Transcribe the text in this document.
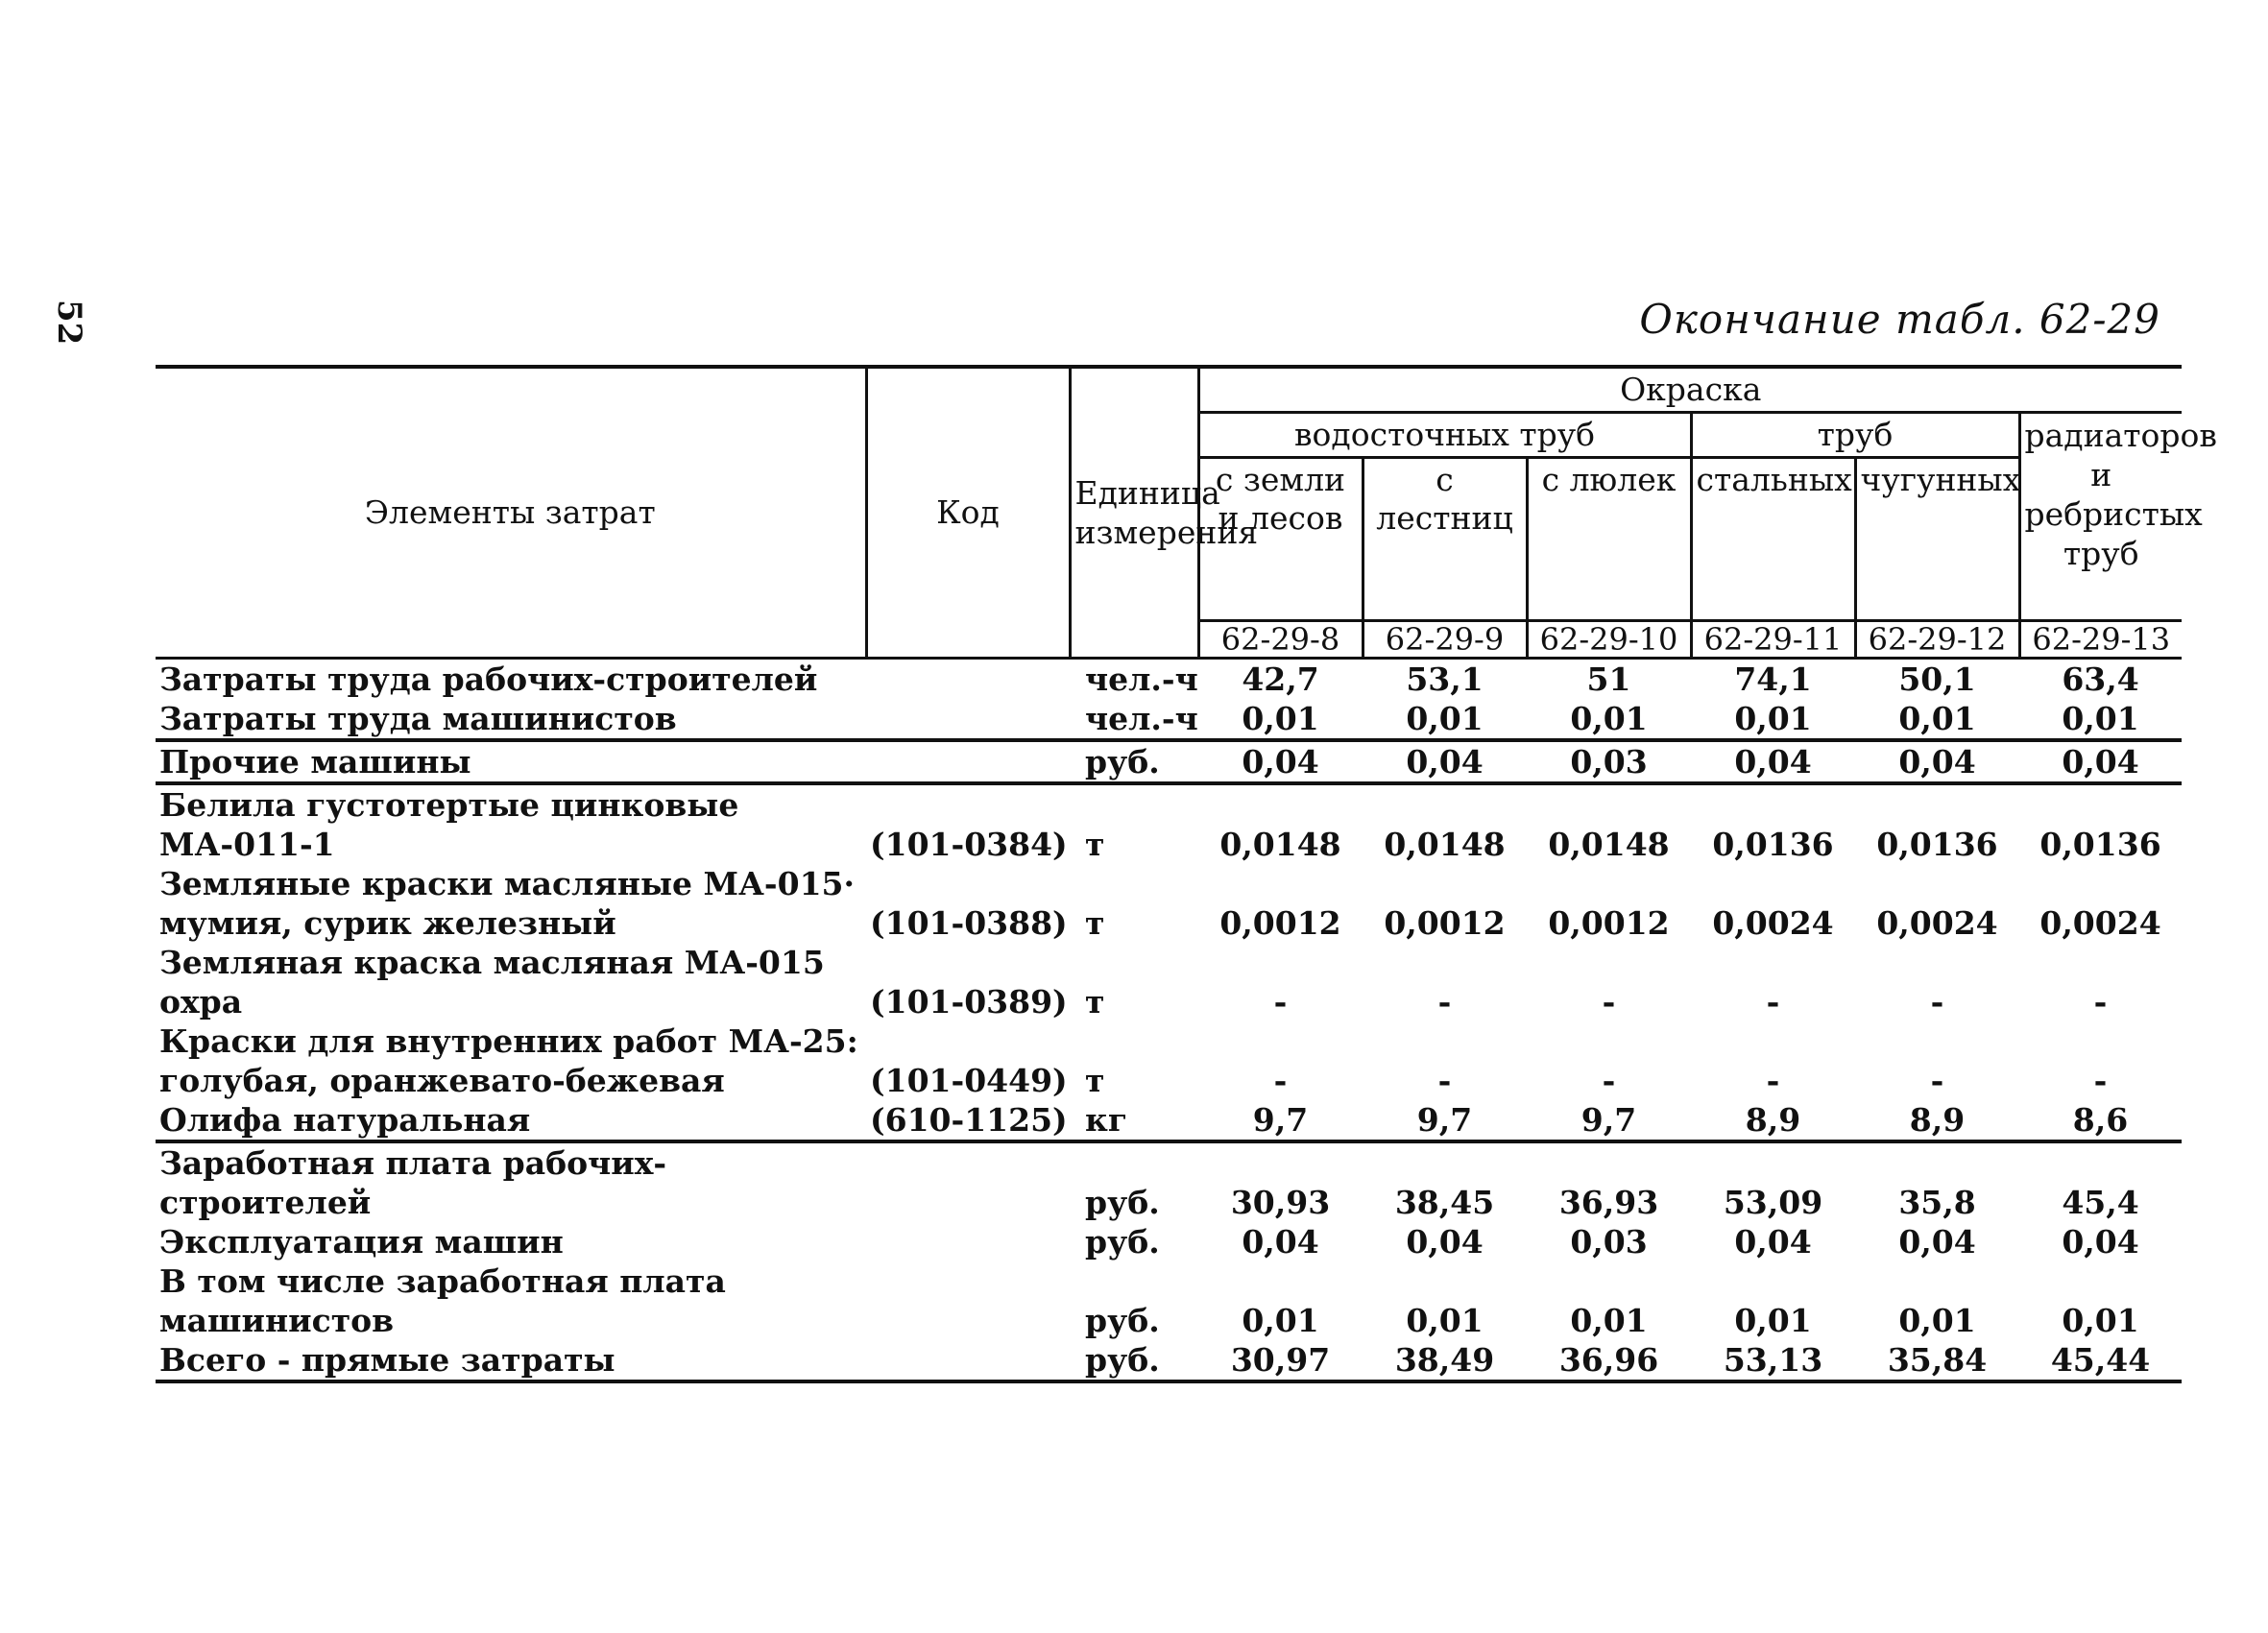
52	Окончание табл. 62-29
Элементы затрат	Код	Единица измерения	Окраска					
			водосточных труб			труб		радиаторов и ребристых труб
			с земли и лесов	с лестниц	с люлек	стальных	чугунных	
			62-29-8	62-29-9	62-29-10	62-29-11	62-29-12	62-29-13
Затраты труда рабочих-строителей		чел.-ч	42,7	53,1	51	74,1	50,1	63,4
Затраты труда машинистов		чел.-ч	0,01	0,01	0,01	0,01	0,01	0,01
Прочие машины		руб.	0,04	0,04	0,03	0,04	0,04	0,04
Белила густотертые цинковые МА-011-1	(101-0384)	т	0,0148	0,0148	0,0148	0,0136	0,0136	0,0136
Земляные краски масляные МА-015· мумия, сурик железный	(101-0388)	т	0,0012	0,0012	0,0012	0,0024	0,0024	0,0024
Земляная краска масляная МА-015 охра	(101-0389)	т	-	-	-	-	-	-
Краски для внутренних работ МА-25: голубая, оранжевато-бежевая	(101-0449)	т	-	-	-	-	-	-
Олифа натуральная	(610-1125)	кг	9,7	9,7	9,7	8,9	8,9	8,6
Заработная плата рабочих-строителей		руб.	30,93	38,45	36,93	53,09	35,8	45,4
Эксплуатация машин		руб.	0,04	0,04	0,03	0,04	0,04	0,04
В том числе заработная плата машинистов		руб.	0,01	0,01	0,01	0,01	0,01	0,01
Всего - прямые затраты		руб.	30,97	38,49	36,96	53,13	35,84	45,44
